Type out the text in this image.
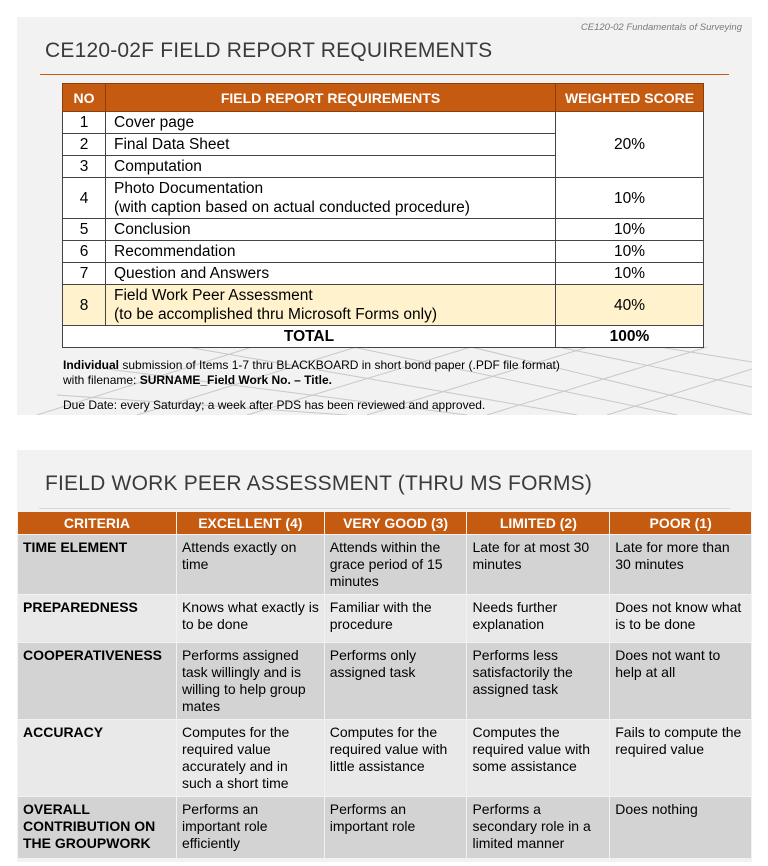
CE120-02 Fundamentals of Surveying
CE120-02F FIELD REPORT REQUIREMENTS
NO	FIELD REPORT REQUIREMENTS	WEIGHTED SCORE
1	Cover page	20%
2	Final Data Sheet	
3	Computation	
4	Photo Documentation
(with caption based on actual conducted procedure)	10%
5	Conclusion	10%
6	Recommendation	10%
7	Question and Answers	10%
8	Field Work Peer Assessment
(to be accomplished thru Microsoft Forms only)	40%
TOTAL		100%
Individual submission of Items 1-7 thru BLACKBOARD in short bond paper (.PDF file format)
with filename: SURNAME_Field Work No. – Title.
Due Date: every Saturday; a week after PDS has been reviewed and approved.
FIELD WORK PEER ASSESSMENT (THRU MS FORMS)
CRITERIA	EXCELLENT (4)	VERY GOOD (3)	LIMITED (2)	POOR (1)
TIME ELEMENT	Attends exactly on time	Attends within the grace period of 15 minutes	Late for at most 30 minutes	Late for more than 30 minutes
PREPAREDNESS	Knows what exactly is to be done	Familiar with the procedure	Needs further explanation	Does not know what is to be done
COOPERATIVENESS	Performs assigned task willingly and is willing to help group mates	Performs only assigned task	Performs less satisfactorily the assigned task	Does not want to help at all
ACCURACY	Computes for the required value accurately and in such a short time	Computes for the required value with little assistance	Computes the required value with some assistance	Fails to compute the required value
OVERALL CONTRIBUTION ON THE GROUPWORK	Performs an important role efficiently	Performs an important role	Performs a secondary role in a limited manner	Does nothing
